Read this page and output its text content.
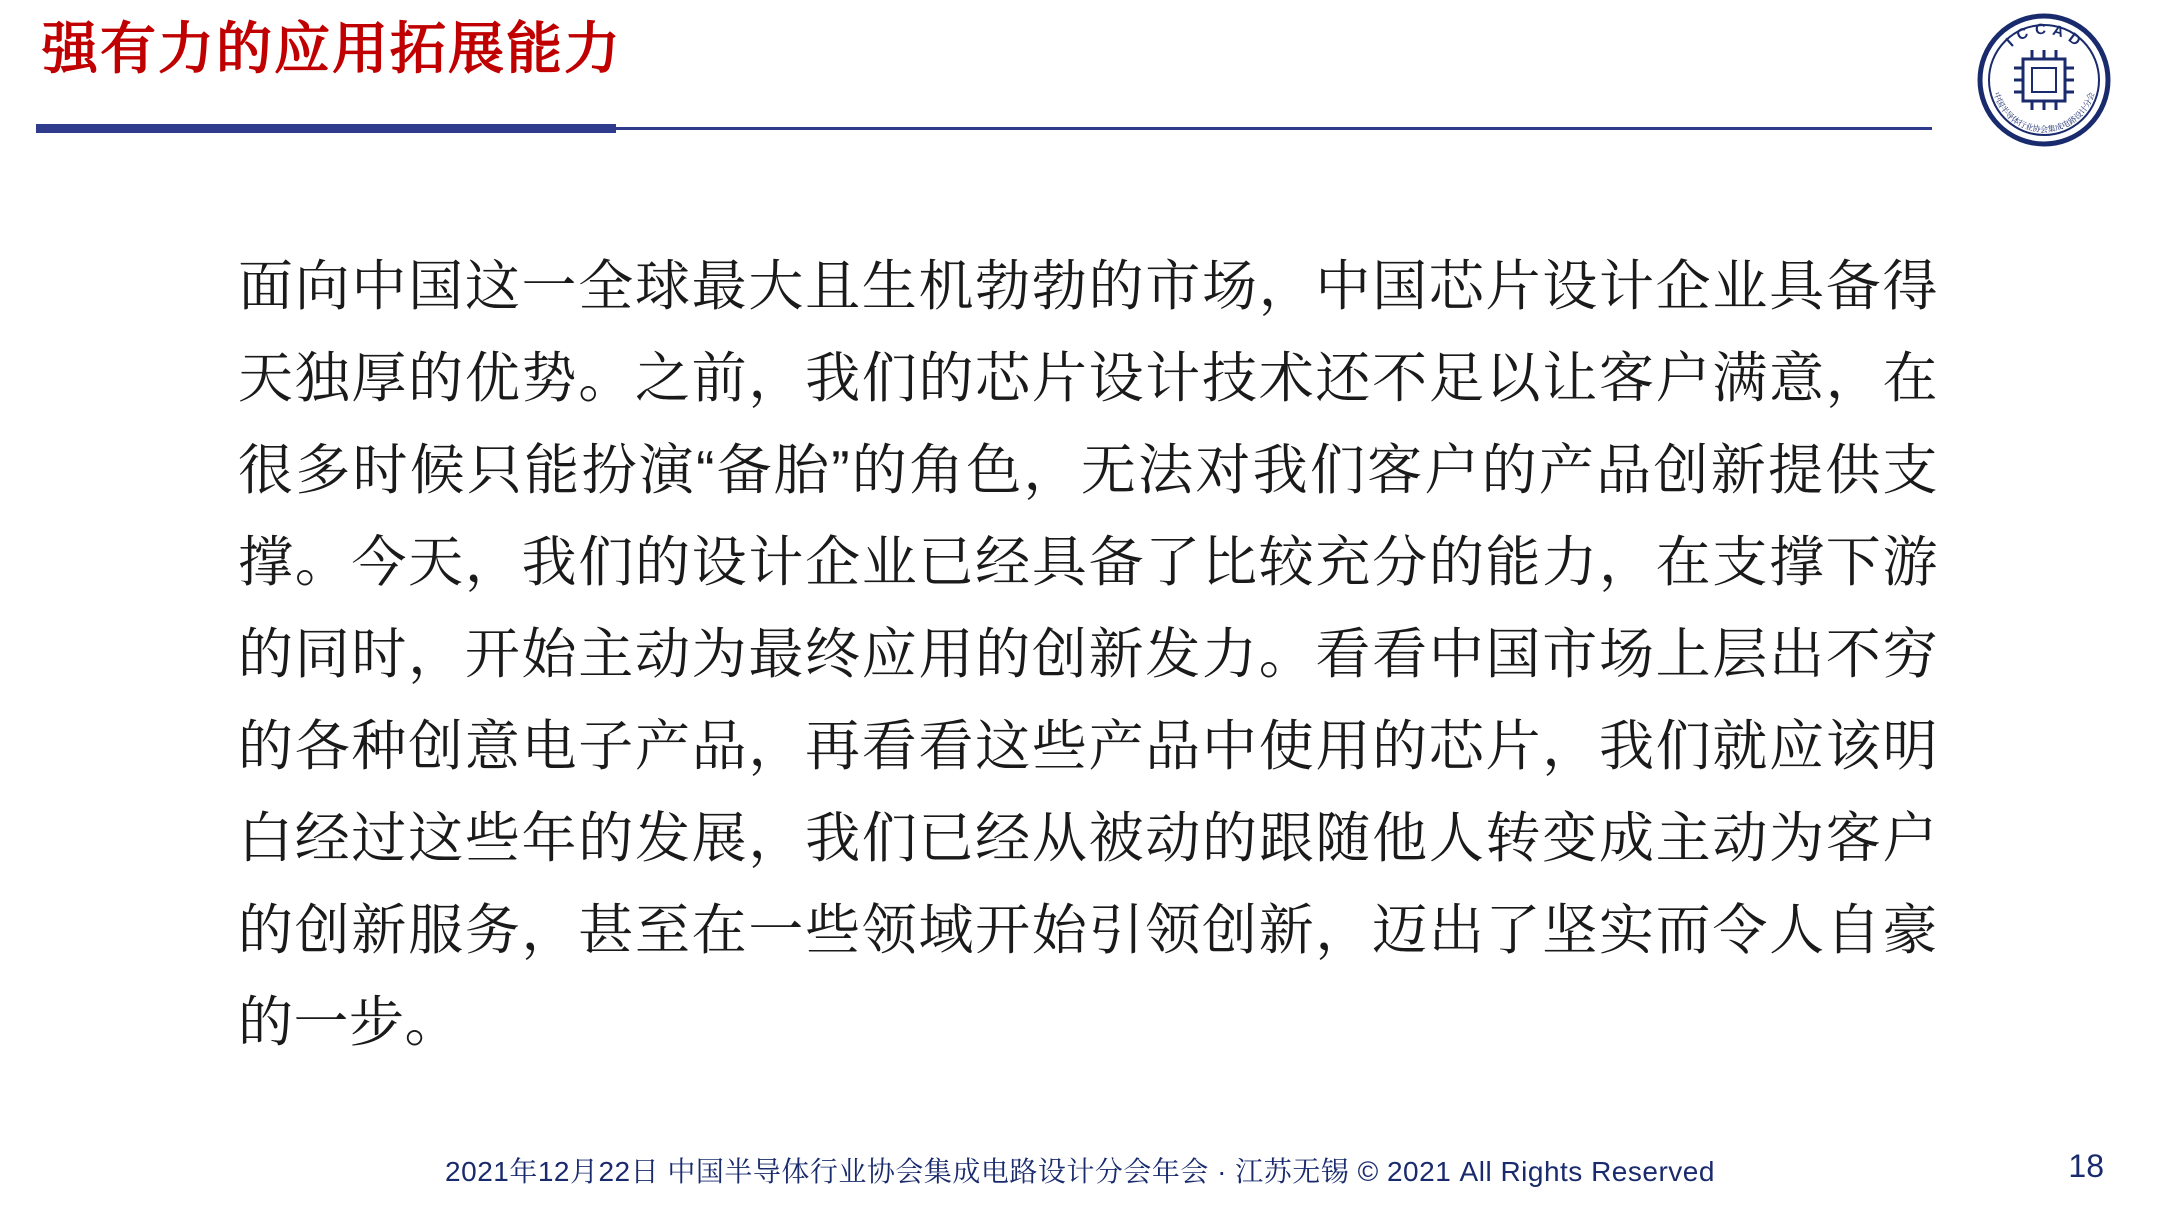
强有力的应用拓展能力	I C C A D
中国半导体行业协会集成电路设计分会
面向中国这一全球最大且生机勃勃的市场，中国芯片设计企业具备得天独厚的优势。之前，我们的芯片设计技术还不足以让客户满意，在很多时候只能扮演“备胎”的角色，无法对我们客户的产品创新提供支撑。今天，我们的设计企业已经具备了比较充分的能力，在支撑下游的同时，开始主动为最终应用的创新发力。看看中国市场上层出不穷的各种创意电子产品，再看看这些产品中使用的芯片，我们就应该明白经过这些年的发展，我们已经从被动的跟随他人转变成主动为客户的创新服务，甚至在一些领域开始引领创新，迈出了坚实而令人自豪的一步。
2021年12月22日 中国半导体行业协会集成电路设计分会年会 · 江苏无锡 © 2021 All Rights Reserved	18
